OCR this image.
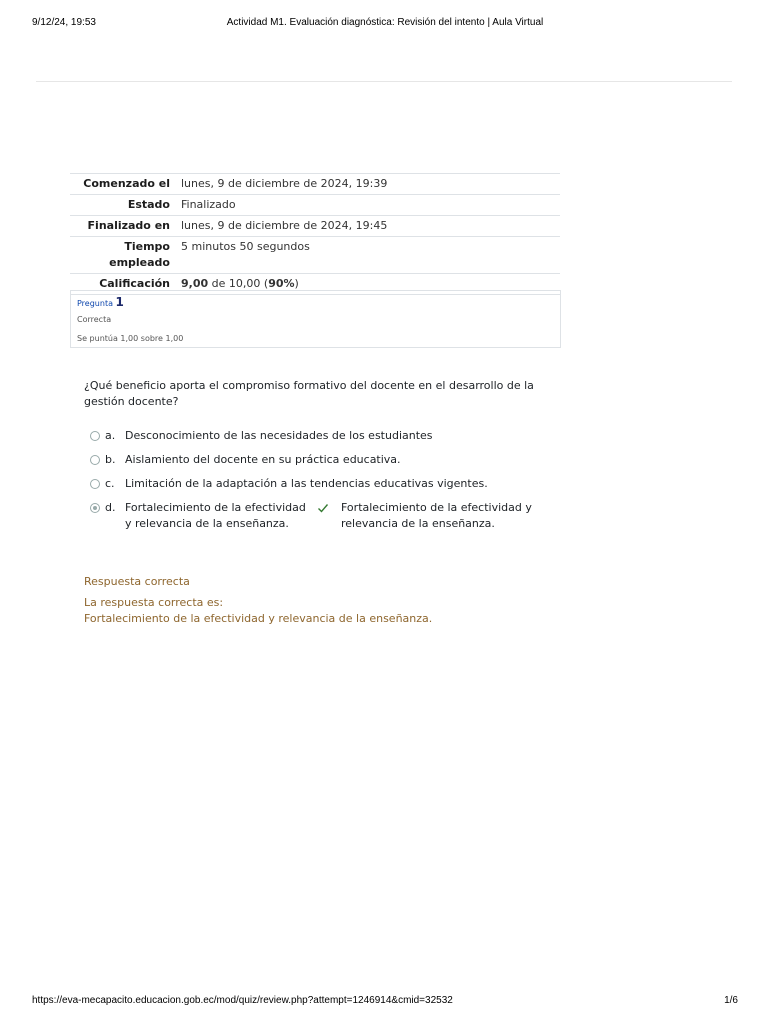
9/12/24, 19:53	Actividad M1. Evaluación diagnóstica: Revisión del intento | Aula Virtual
Comenzado el	lunes, 9 de diciembre de 2024, 19:39
Estado	Finalizado
Finalizado en	lunes, 9 de diciembre de 2024, 19:45
Tiempo empleado	5 minutos 50 segundos
Calificación	9,00 de 10,00 (90%)
Pregunta 1
Correcta
Se puntúa 1,00 sobre 1,00
¿Qué beneficio aporta el compromiso formativo del docente en el desarrollo de la gestión docente?
a. Desconocimiento de las necesidades de los estudiantes
b. Aislamiento del docente en su práctica educativa.
c. Limitación de la adaptación a las tendencias educativas vigentes.
d. Fortalecimiento de la efectividad y relevancia de la enseñanza.
Fortalecimiento de la efectividad y relevancia de la enseñanza.
Respuesta correcta
La respuesta correcta es:
Fortalecimiento de la efectividad y relevancia de la enseñanza.
https://eva-mecapacito.educacion.gob.ec/mod/quiz/review.php?attempt=1246914&cmid=32532	1/6
